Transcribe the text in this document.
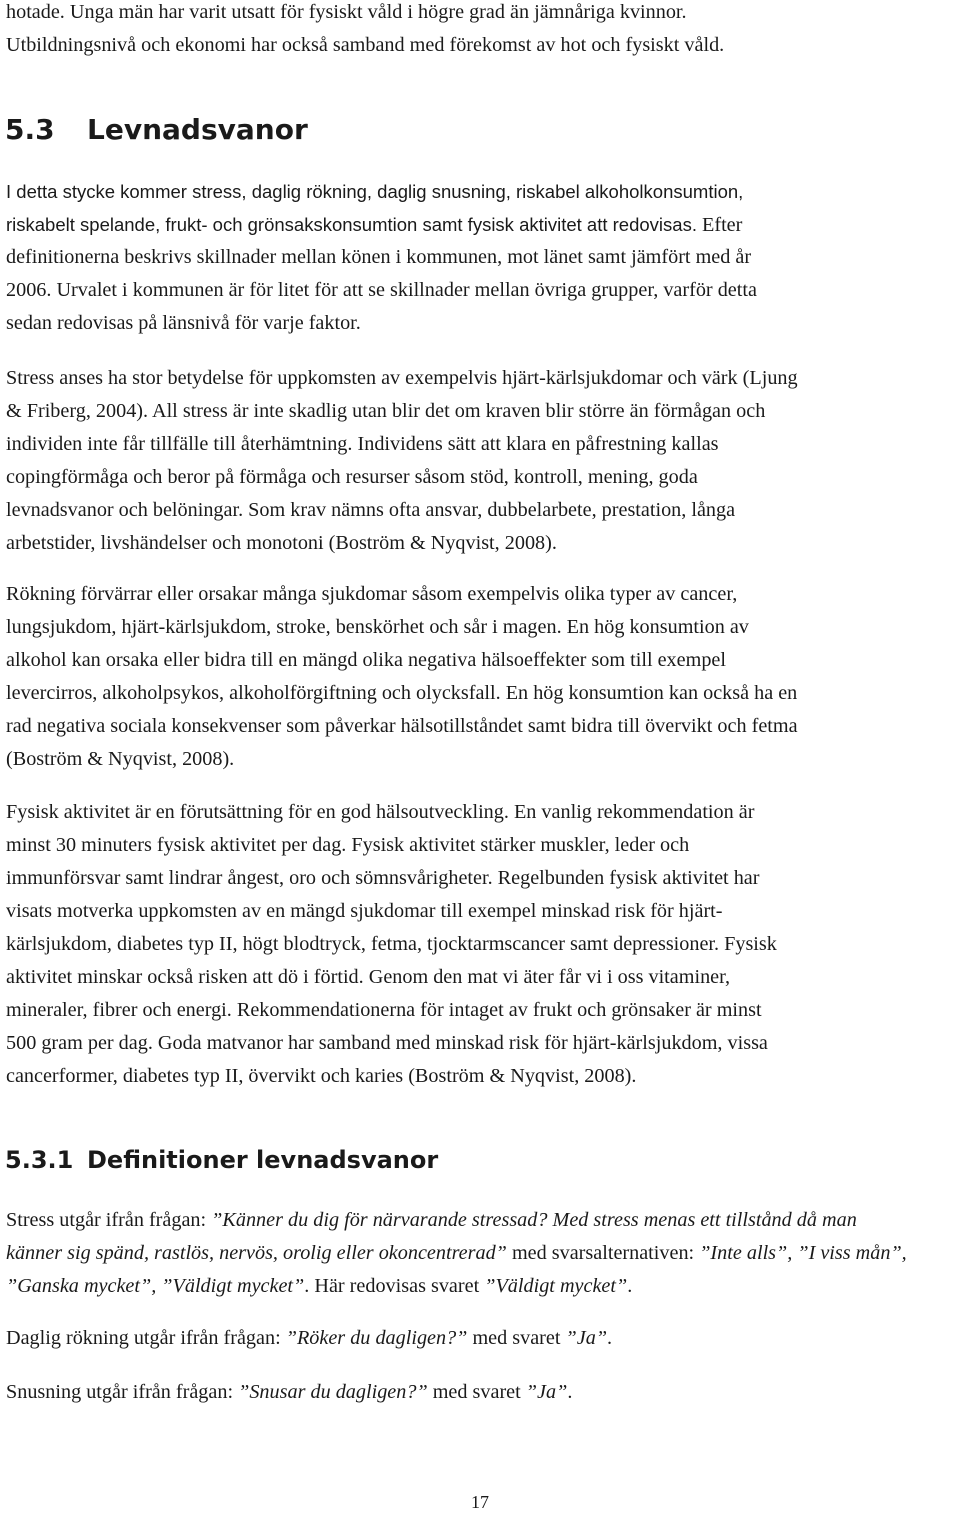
hotade. Unga män har varit utsatt för fysiskt våld i högre grad än jämnåriga kvinnor.
Utbildningsnivå och ekonomi har också samband med förekomst av hot och fysiskt våld.

5.3 Levnadsvanor

I detta stycke kommer stress, daglig rökning, daglig snusning, riskabel alkoholkonsumtion,
riskabelt spelande, frukt- och grönsakskonsumtion samt fysisk aktivitet att redovisas. Efter
definitionerna beskrivs skillnader mellan könen i kommunen, mot länet samt jämfört med år
2006. Urvalet i kommunen är för litet för att se skillnader mellan övriga grupper, varför detta
sedan redovisas på länsnivå för varje faktor.

Stress anses ha stor betydelse för uppkomsten av exempelvis hjärt-kärlsjukdomar och värk (Ljung
& Friberg, 2004). All stress är inte skadlig utan blir det om kraven blir större än förmågan och
individen inte får tillfälle till återhämtning. Individens sätt att klara en påfrestning kallas
copingförmåga och beror på förmåga och resurser såsom stöd, kontroll, mening, goda
levnadsvanor och belöningar. Som krav nämns ofta ansvar, dubbelarbete, prestation, långa
arbetstider, livshändelser och monotoni (Boström & Nyqvist, 2008).

Rökning förvärrar eller orsakar många sjukdomar såsom exempelvis olika typer av cancer,
lungsjukdom, hjärt-kärlsjukdom, stroke, benskörhet och sår i magen. En hög konsumtion av
alkohol kan orsaka eller bidra till en mängd olika negativa hälsoeffekter som till exempel
levercirros, alkoholpsykos, alkoholförgiftning och olycksfall. En hög konsumtion kan också ha en
rad negativa sociala konsekvenser som påverkar hälsotillståndet samt bidra till övervikt och fetma
(Boström & Nyqvist, 2008).

Fysisk aktivitet är en förutsättning för en god hälsoutveckling. En vanlig rekommendation är
minst 30 minuters fysisk aktivitet per dag. Fysisk aktivitet stärker muskler, leder och
immunförsvar samt lindrar ångest, oro och sömnsvårigheter. Regelbunden fysisk aktivitet har
visats motverka uppkomsten av en mängd sjukdomar till exempel minskad risk för hjärt-
kärlsjukdom, diabetes typ II, högt blodtryck, fetma, tjocktarmscancer samt depressioner. Fysisk
aktivitet minskar också risken att dö i förtid. Genom den mat vi äter får vi i oss vitaminer,
mineraler, fibrer och energi. Rekommendationerna för intaget av frukt och grönsaker är minst
500 gram per dag. Goda matvanor har samband med minskad risk för hjärt-kärlsjukdom, vissa
cancerformer, diabetes typ II, övervikt och karies (Boström & Nyqvist, 2008).

5.3.1 Definitioner levnadsvanor

Stress utgår ifrån frågan: ”Känner du dig för närvarande stressad? Med stress menas ett tillstånd då man
känner sig spänd, rastlös, nervös, orolig eller okoncentrerad” med svarsalternativen: ”Inte alls”, ”I viss mån”,
”Ganska mycket”, ”Väldigt mycket”. Här redovisas svaret ”Väldigt mycket”.

Daglig rökning utgår ifrån frågan: ”Röker du dagligen?” med svaret ”Ja”.

Snusning utgår ifrån frågan: ”Snusar du dagligen?” med svaret ”Ja”.

17
